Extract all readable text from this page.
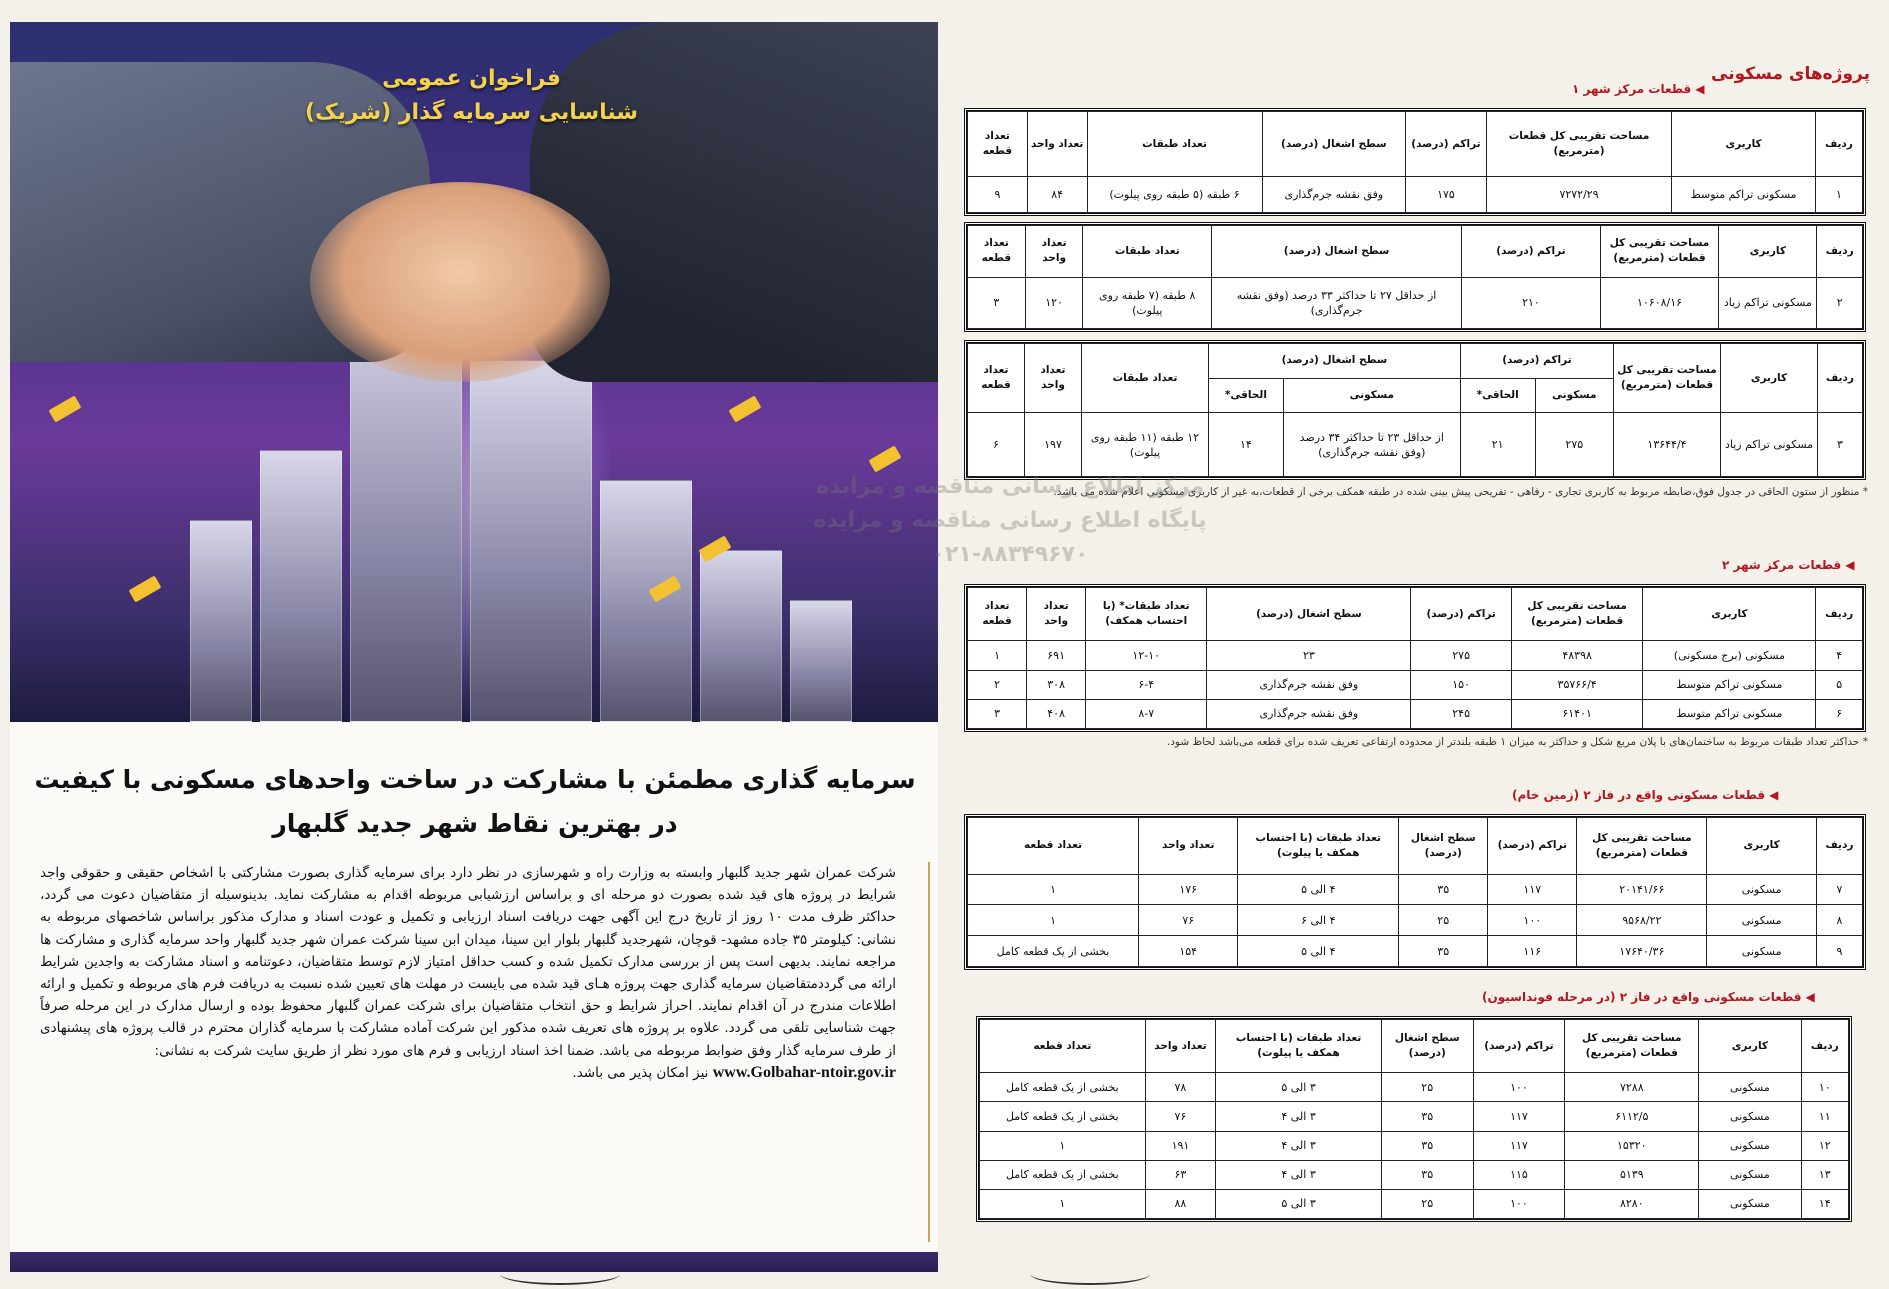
فراخوان عمومی
شناسایی سرمایه گذار (شریک)
سرمایه گذاری مطمئن با مشارکت در ساخت واحدهای مسکونی با کیفیت
در بهترین نقاط شهر جدید گلبهار
شرکت عمران شهر جدید گلبهار وابسته به وزارت راه و شهرسازی در نظر دارد برای سرمایه گذاری بصورت مشارکتی با اشخاص حقیقی و حقوقی واجد شرایط در پروژه های قید شده بصورت دو مرحله ای و براساس ارزشیابی مربوطه اقدام به مشارکت نماید. بدینوسیله از متقاضیان دعوت می گردد، حداکثر ظرف مدت ۱۰ روز از تاریخ درج این آگهی جهت دریافت اسناد ارزیابی و تکمیل و عودت اسناد و مدارک مذکور براساس شاخصهای مربوطه به نشانی: کیلومتر ۳۵ جاده مشهد- قوچان، شهرجدید گلبهار بلوار ابن سینا، میدان ابن سینا شرکت عمران شهر جدید گلبهار واحد سرمایه گذاری و مشارکت ها مراجعه نمایند. بدیهی است پس از بررسی مدارک تکمیل شده و کسب حداقل امتیاز لازم توسط متقاضیان، دعوتنامه و اسناد مشارکت به واجدین شرایط ارائه می گرددمتقاضیان سرمایه گذاری جهت پروژه هـای قید شده می بایست در مهلت های تعیین شده نسبت به دریافت فرم های مربوطه و تکمیل و ارائه اطلاعات مندرج در آن اقدام نمایند. احراز شرایط و حق انتخاب متقاضیان برای شرکت عمران گلبهار محفوظ بوده و ارسال مدارک در این مرحله صرفاً جهت شناسایی تلقی می گردد. علاوه بر پروژه های تعریف شده مذکور این شرکت آماده مشارکت با سرمایه گذاران محترم در قالب پروژه های پیشنهادی از طرف سرمایه گذار وفق ضوابط مربوطه می باشد. ضمنا اخذ اسناد ارزیابی و فرم های مورد نظر از طریق سایت شرکت به نشانی:
www.Golbahar-ntoir.gov.ir نیز امکان پذیر می باشد.
پروژه‌های مسکونی
◀قطعات مرکز شهر ۱
ردیف	کاربری	مساحت تقریبی کل قطعات (مترمربع)	تراکم (درصد)	سطح اشغال (درصد)	تعداد طبقات	تعداد واحد	تعداد قطعه
۱	مسکونی تراکم متوسط	۷۲۷۲/۲۹	۱۷۵	وفق نقشه جرم‌گذاری	۶ طبقه (۵ طبقه روی پیلوت)	۸۴	۹
ردیف	کاربری	مساحت تقریبی کل قطعات (مترمربع)	تراکم (درصد)	سطح اشغال (درصد)	تعداد طبقات	تعداد واحد	تعداد قطعه
۲	مسکونی تراکم زیاد	۱۰۶۰۸/۱۶	۲۱۰	از حداقل ۲۷ تا حداکثر ۳۳ درصد (وفق نقشه جرم‌گذاری)	۸ طبقه (۷ طبقه روی پیلوت)	۱۲۰	۳
ردیف	کاربری	مساحت تقریبی کل قطعات (مترمربع)	تراکم (درصد)		سطح اشغال (درصد)		تعداد طبقات	تعداد واحد	تعداد قطعه
			مسکونی	الحاقی*	مسکونی	الحاقی*			
۳	مسکونی تراکم زیاد	۱۳۶۴۴/۴	۲۷۵	۲۱	از حداقل ۲۳ تا حداکثر ۳۴ درصد (وفق نقشه جرم‌گذاری)	۱۴	۱۲ طبقه (۱۱ طبقه روی پیلوت)	۱۹۷	۶
* منظور از ستون الحاقی در جدول فوق،ضابطه مربوط به کاربری تجاری - رفاهی - تفریحی پیش بینی شده در طبقه همکف برخی از قطعات،به غیر از کاربری مسکونی اعلام شده می باشد.
◀قطعات مرکز شهر ۲
ردیف	کاربری	مساحت تقریبی کل قطعات (مترمربع)	تراکم (درصد)	سطح اشغال (درصد)	تعداد طبقات* (با احتساب همکف)	تعداد واحد	تعداد قطعه
۴	مسکونی (برج مسکونی)	۴۸۳۹۸	۲۷۵	۲۳	۱۲-۱۰	۶۹۱	۱
۵	مسکونی تراکم متوسط	۳۵۷۶۶/۴	۱۵۰	وفق نقشه جرم‌گذاری	۶-۴	۳۰۸	۲
۶	مسکونی تراکم متوسط	۶۱۴۰۱	۲۴۵	وفق نقشه جرم‌گذاری	۸-۷	۴۰۸	۳
* حداکثر تعداد طبقات مربوط به ساختمان‌های با پلان مربع شکل و حداکثر به میزان ۱ طبقه بلندتر از محدوده ارتفاعی تعریف شده برای قطعه می‌باشد لحاظ شود.
◀قطعات مسکونی واقع در فاز ۲ (زمین خام)
ردیف	کاربری	مساحت تقریبی کل قطعات (مترمربع)	تراکم (درصد)	سطح اشغال (درصد)	تعداد طبقات (با احتساب همکف یا پیلوت)	تعداد واحد	تعداد قطعه
۷	مسکونی	۲۰۱۴۱/۶۶	۱۱۷	۳۵	۴ الی ۵	۱۷۶	۱
۸	مسکونی	۹۵۶۸/۲۲	۱۰۰	۲۵	۴ الی ۶	۷۶	۱
۹	مسکونی	۱۷۶۴۰/۳۶	۱۱۶	۳۵	۴ الی ۵	۱۵۴	بخشی از یک قطعه کامل
◀قطعات مسکونی واقع در فاز ۲ (در مرحله فونداسیون)
ردیف	کاربری	مساحت تقریبی کل قطعات (مترمربع)	تراکم (درصد)	سطح اشغال (درصد)	تعداد طبقات (با احتساب همکف یا پیلوت)	تعداد واحد	تعداد قطعه
۱۰	مسکونی	۷۲۸۸	۱۰۰	۲۵	۳ الی ۵	۷۸	بخشی از یک قطعه کامل
۱۱	مسکونی	۶۱۱۲/۵	۱۱۷	۳۵	۳ الی ۴	۷۶	بخشی از یک قطعه کامل
۱۲	مسکونی	۱۵۳۲۰	۱۱۷	۳۵	۳ الی ۴	۱۹۱	۱
۱۳	مسکونی	۵۱۳۹	۱۱۵	۳۵	۳ الی ۴	۶۳	بخشی از یک قطعه کامل
۱۴	مسکونی	۸۲۸۰	۱۰۰	۲۵	۳ الی ۵	۸۸	۱
مرکز اطلاع رسانی مناقصه و مزایده
پایگاه اطلاع رسانی مناقصه و مزایده
۰۲۱-۸۸۳۴۹۶۷۰
